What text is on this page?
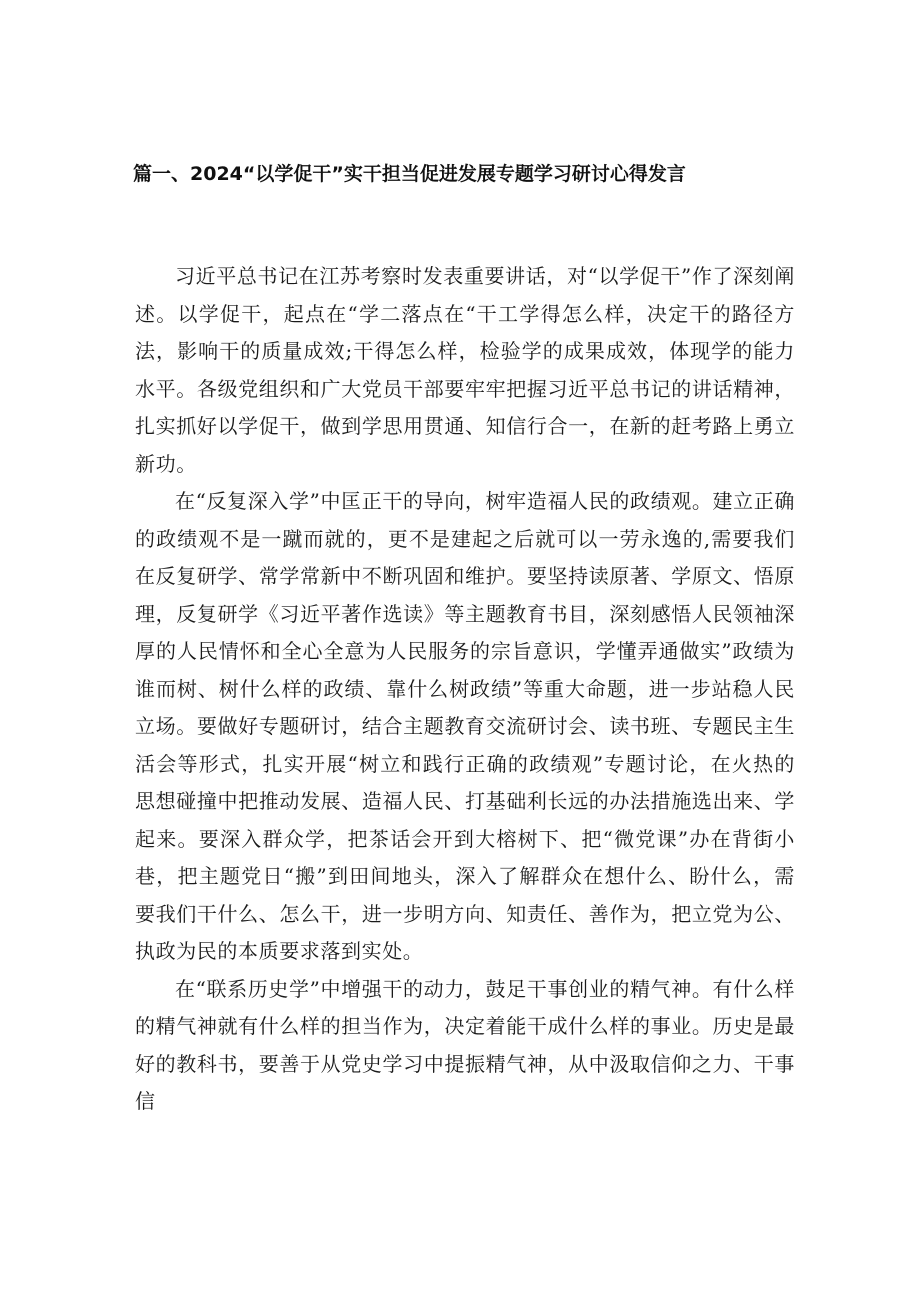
篇一、2024“以学促干”实干担当促进发展专题学习研讨心得发言

习近平总书记在江苏考察时发表重要讲话，对“以学促干”作了深刻阐述。以学促干，起点在“学二落点在“干工学得怎么样，决定干的路径方法，影响干的质量成效;干得怎么样，检验学的成果成效，体现学的能力水平。各级党组织和广大党员干部要牢牢把握习近平总书记的讲话精神，扎实抓好以学促干，做到学思用贯通、知信行合一，在新的赶考路上勇立新功。

在“反复深入学”中匡正干的导向，树牢造福人民的政绩观。建立正确的政绩观不是一蹴而就的，更不是建起之后就可以一劳永逸的,需要我们在反复研学、常学常新中不断巩固和维护。要坚持读原著、学原文、悟原理，反复研学《习近平著作选读》等主题教育书目，深刻感悟人民领袖深厚的人民情怀和全心全意为人民服务的宗旨意识，学懂弄通做实”政绩为谁而树、树什么样的政绩、靠什么树政绩”等重大命题，进一步站稳人民立场。要做好专题研讨，结合主题教育交流研讨会、读书班、专题民主生活会等形式，扎实开展“树立和践行正确的政绩观”专题讨论，在火热的思想碰撞中把推动发展、造福人民、打基础利长远的办法措施选出来、学起来。要深入群众学，把茶话会开到大榕树下、把“微党课”办在背街小巷，把主题党日“搬”到田间地头，深入了解群众在想什么、盼什么，需要我们干什么、怎么干，进一步明方向、知责任、善作为，把立党为公、执政为民的本质要求落到实处。

在“联系历史学”中增强干的动力，鼓足干事创业的精气神。有什么样的精气神就有什么样的担当作为，决定着能干成什么样的事业。历史是最好的教科书，要善于从党史学习中提振精气神，从中汲取信仰之力、干事信
